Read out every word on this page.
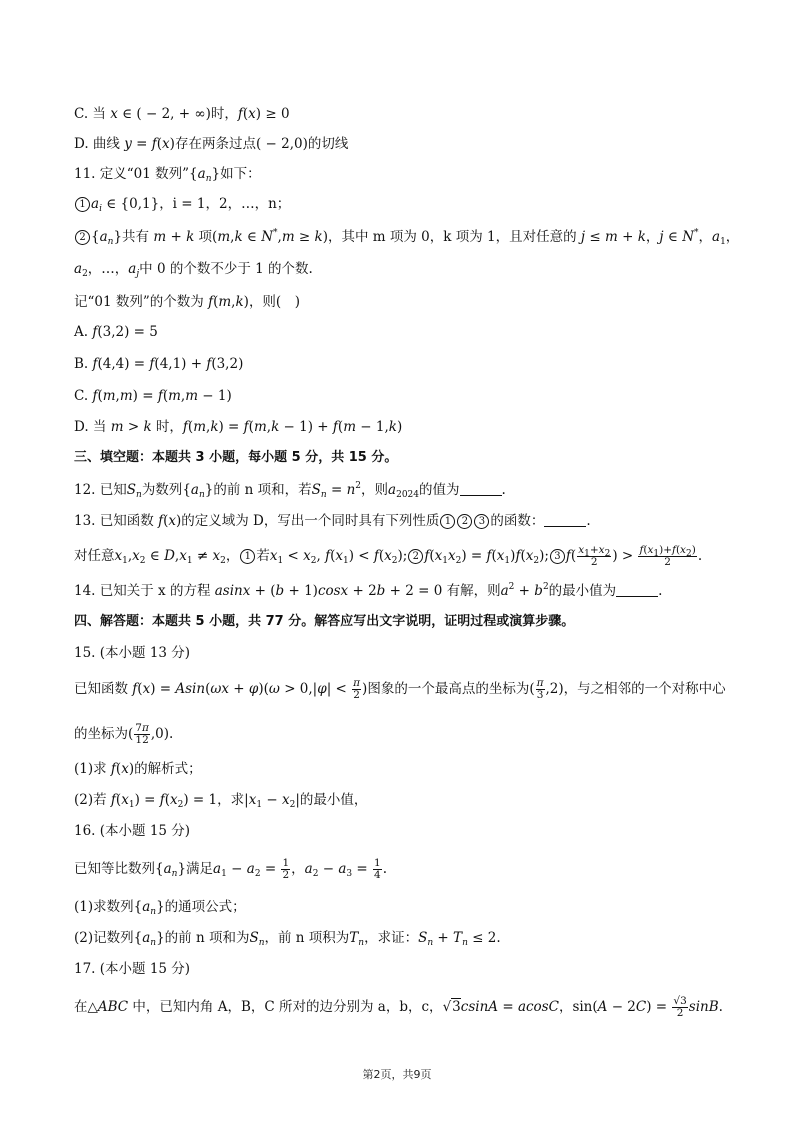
C. 当 x ∈ ( − 2, + ∞)时，f(x) ≥ 0
D. 曲线 y = f(x)存在两条过点( − 2,0)的切线
11. 定义“01 数列$”\{a_n\}$如下：
1 $a_i$ ∈ {0,1}，i = 1，2，…，n；
2 $\{a_n\}$共有 m + k 项(m,k ∈ N*,m ≥ k)，其中 m 项为 0，k 项为 1，且对任意的 j ≤ m + k，j ∈ N*，$a_1$，
$a_2$，…，$a_j$中 0 的个数不少于 1 的个数.
记“01 数列”的个数为 f(m,k)，则(　)
A. f(3,2) = 5
B. f(4,4) = f(4,1) + f(3,2)
C. f(m,m) = f(m,m − 1)
D. 当 m > k 时，f(m,k) = f(m,k − 1) + f(m − 1,k)
三、填空题：本题共 3 小题，每小题 5 分，共 15 分。
12. 已知$S_n$为数列$\{a_n\}$的前 n 项和，若$S_n = n^2$，则$a_{2024}$的值为	.
13. 已知函数 f(x)的定义域为 D，写出一个同时具有下列性质 1 2 3 的函数：	.
对任意$x_1,x_2$ ∈ $D,x_1 \ne x_2$， 1 若$x_1 < x_2$, $f(x_1) < f(x_2)$; 2 $f(x_1x_2) = f(x_1)f(x_2)$; 3 $f( \frac{x_1+x_2}{2}$ ) > $\frac{f(x_1)+f(x_2)}{2}$ .
14. 已知关于 x 的方程 asinx + (b + 1)cosx + 2b + 2 = 0 有解，则$a^2 + b^2$的最小值为	.
四、解答题：本题共 5 小题，共 77 分。解答应写出文字说明，证明过程或演算步骤。
15. (本小题 13 分)
已知函数 $f(x) = Asin(\omega x + \varphi)(\omega > 0,|\varphi| < \frac{\pi}{2}$ )图象的一个最高点的坐标为( $\frac{\pi}{3} ,2$)，与之相邻的一个对称中心
的坐标为( $\frac{7\pi}{12} ,0$).
(1)求 f(x)的解析式；
(2)若 $f(x_1) = f(x_2) = 1$，求$|x_1 - x_2|$的最小值，
16. (本小题 15 分)
已知等比数列$\{a_n\}$满足$a_1 - a_2 = \frac{1}{2}$ ，$a_2 - a_3 = \frac{1}{4}$ .
(1)求数列$\{a_n\}$的通项公式；
(2)记数列$\{a_n\}$的前 n 项和为$S_n$，前 n 项积为$T_n$，求证：$S_n + T_n \le 2$.
17. (本小题 15 分)
在△ABC 中，已知内角 A，B，C 所对的边分别为 a，b，c，√3csinA = acosC，$\sin(A - 2C) = \frac{√3}{2} \sin B$.
第2页，共9页
